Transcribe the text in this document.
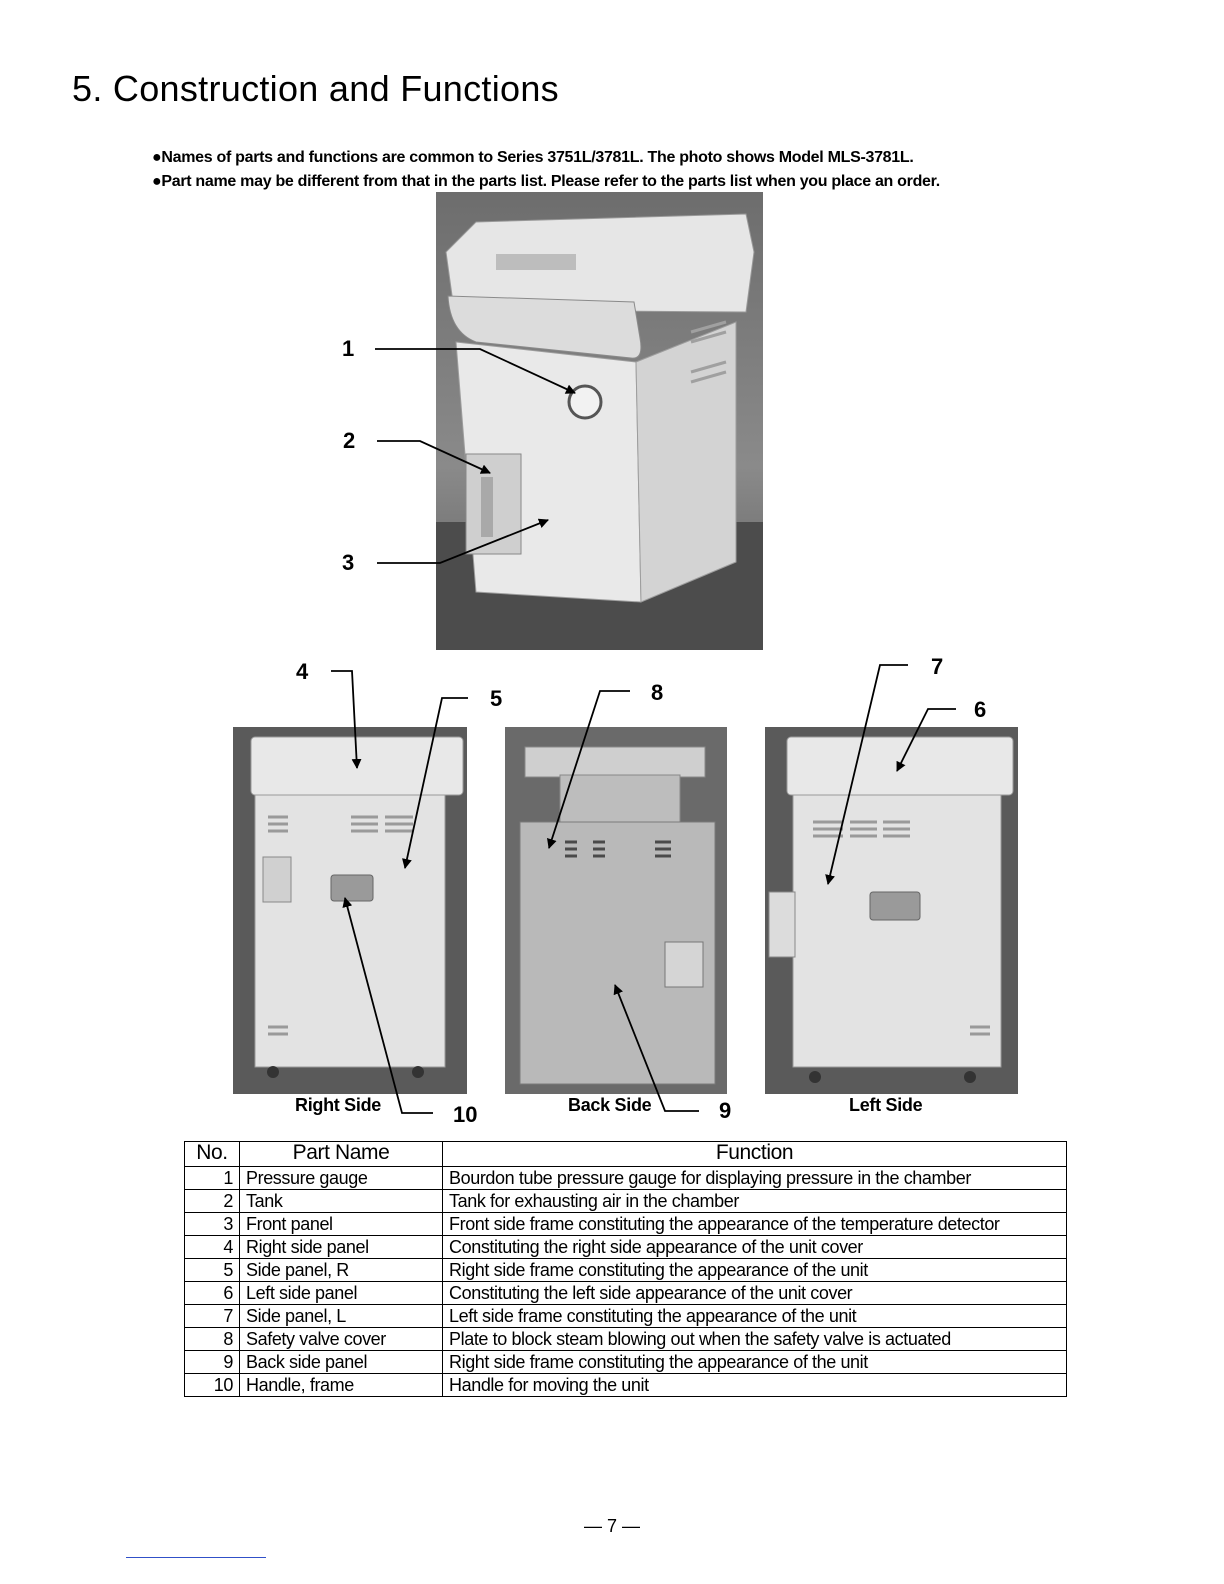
5. Construction and Functions
●Names of parts and functions are common to Series 3751L/3781L. The photo shows Model MLS-3781L.
●Part name may be different from that in the parts list. Please refer to the parts list when you place an order.
1
2
3
4
5	6
7
8
9
10
Right Side	Back Side	Left Side
No.	Part Name	Function
1	Pressure gauge	Bourdon tube pressure gauge for displaying pressure in the chamber
2	Tank	Tank for exhausting air in the chamber
3	Front panel	Front side frame constituting the appearance of the temperature detector
4	Right side panel	Constituting the right side appearance of the unit cover
5	Side panel, R	Right side frame constituting the appearance of the unit
6	Left side panel	Constituting the left side appearance of the unit cover
7	Side panel, L	Left side frame constituting the appearance of the unit
8	Safety valve cover	Plate to block steam blowing out when the safety valve is actuated
9	Back side panel	Right side frame constituting the appearance of the unit
10	Handle, frame	Handle for moving the unit
— 7 —
